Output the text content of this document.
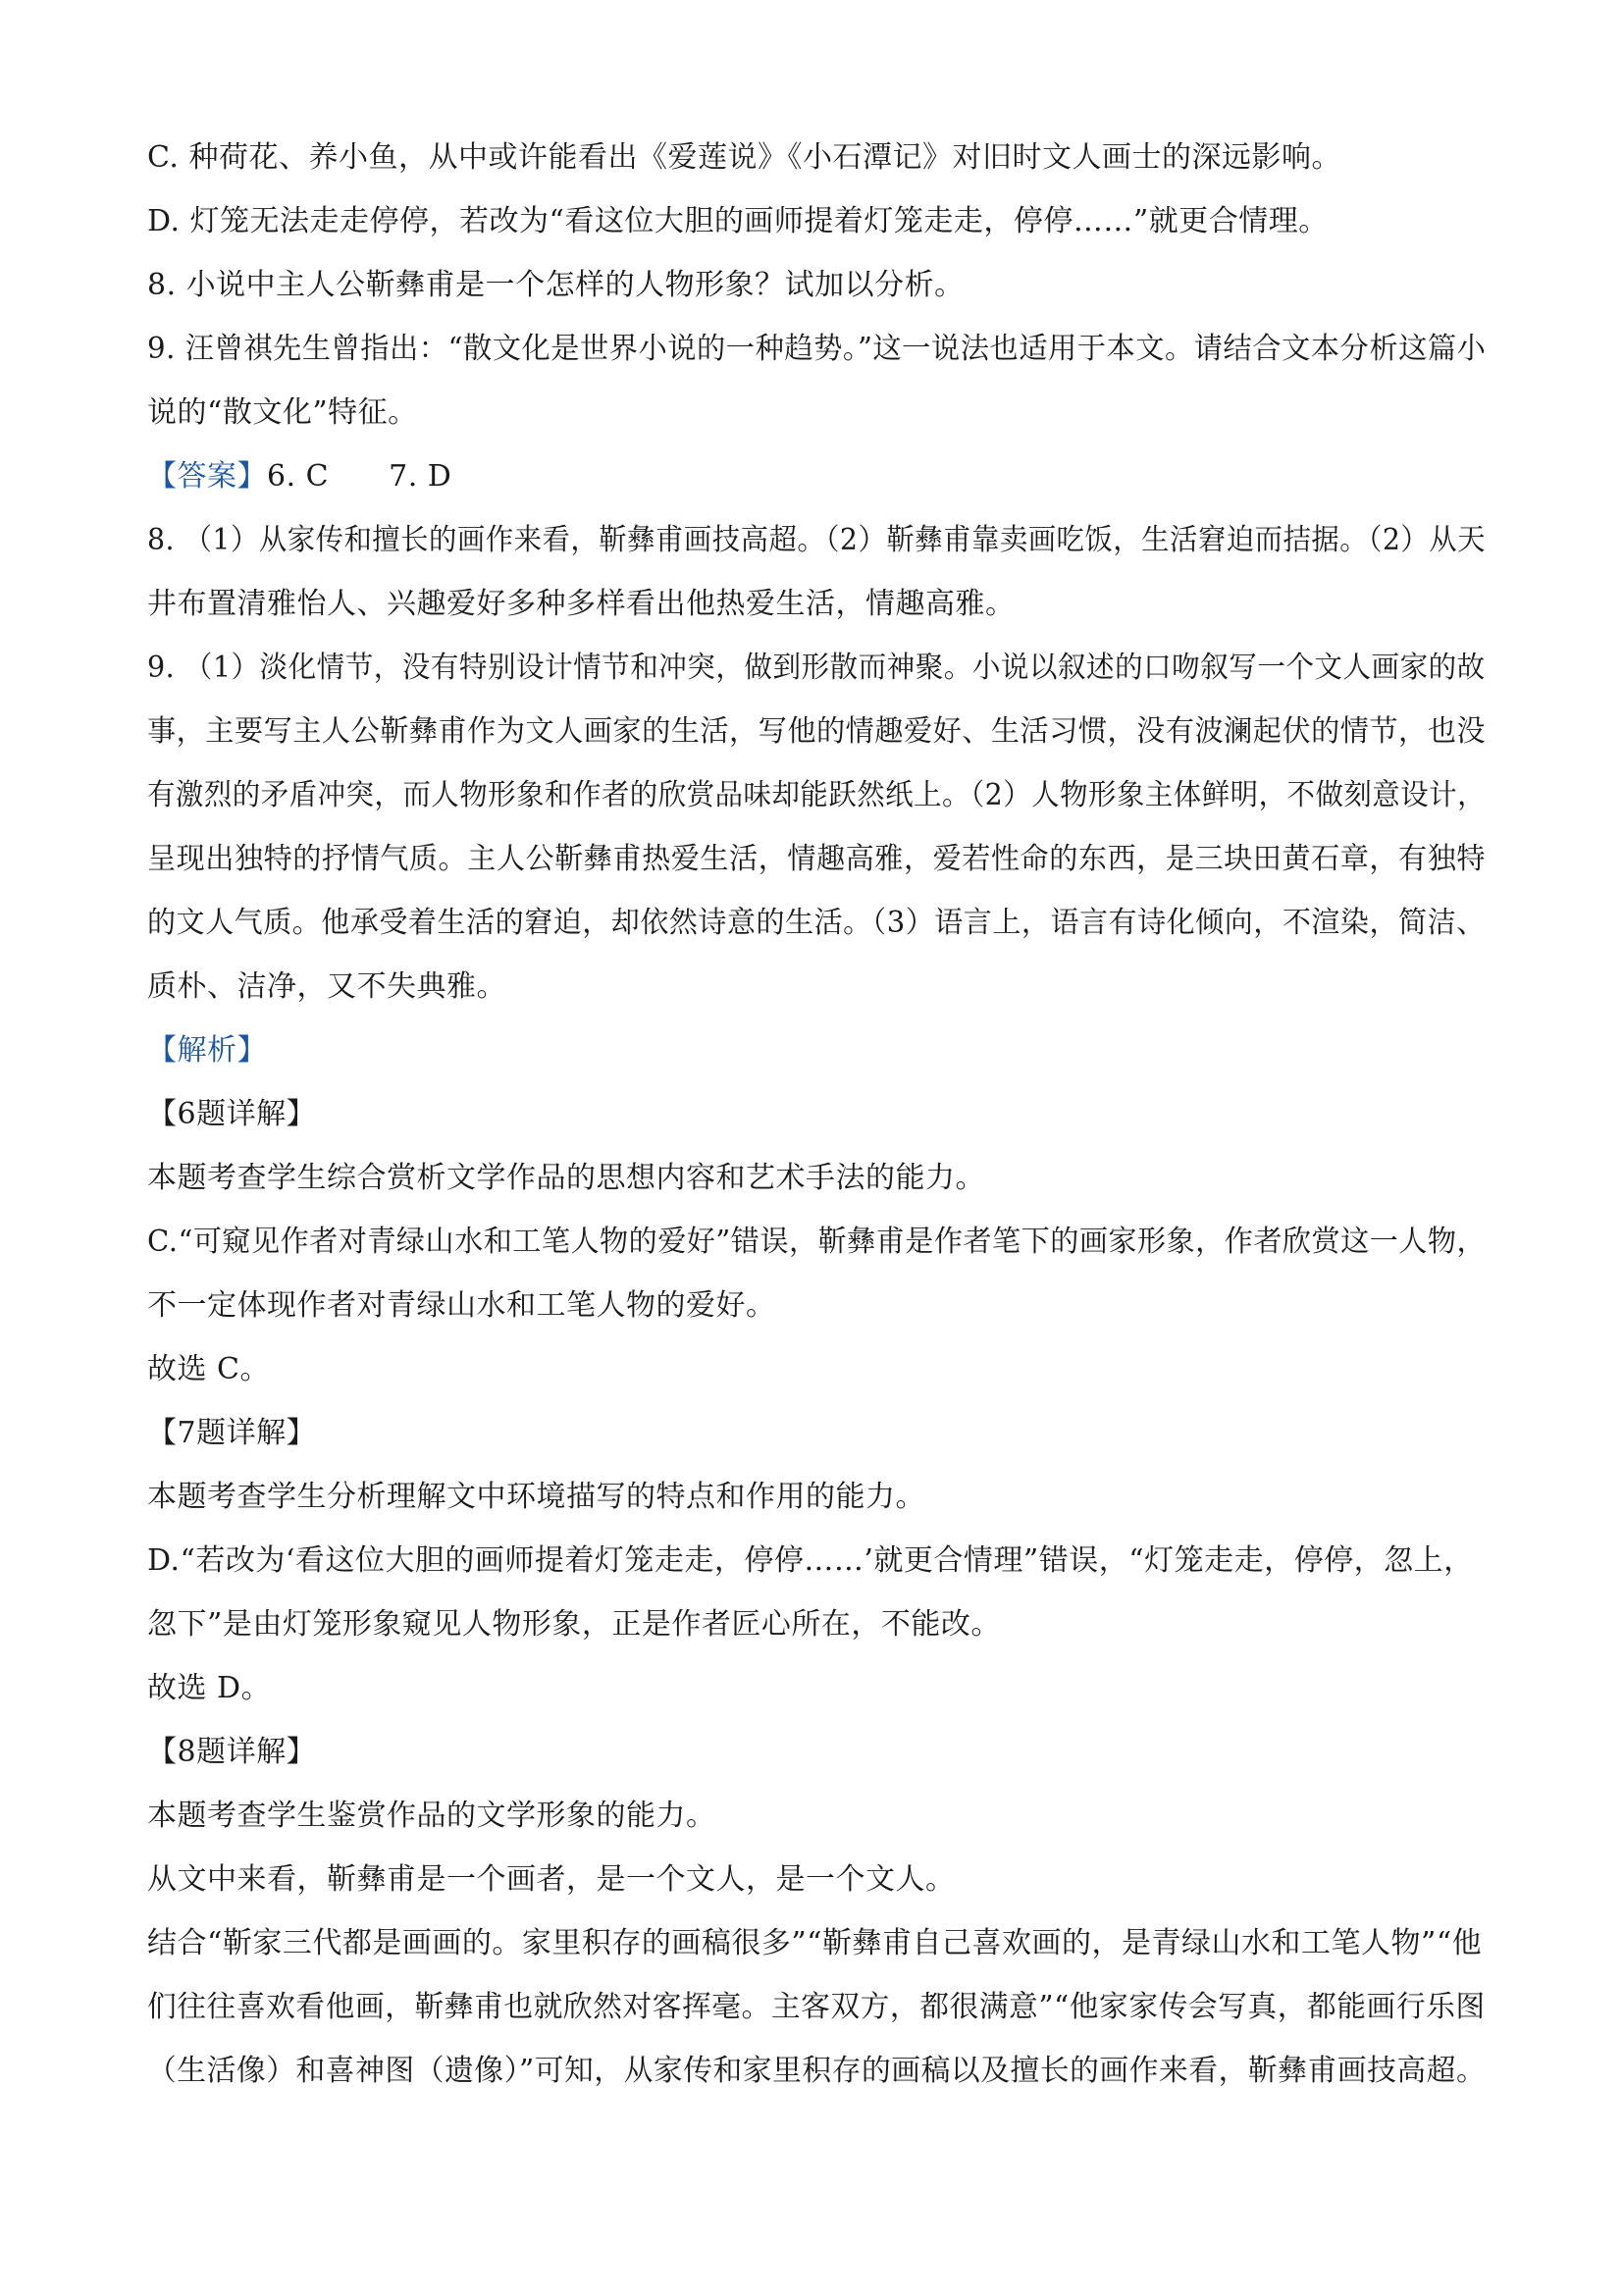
C. 种荷花、养小鱼，从中或许能看出《爱莲说》《小石潭记》对旧时文人画士的深远影响。
D. 灯笼无法走走停停，若改为“看这位大胆的画师提着灯笼走走，停停……”就更合情理。
8. 小说中主人公靳彝甫是一个怎样的人物形象？试加以分析。
9. 汪曾祺先生曾指出：“散文化是世界小说的一种趋势。”这一说法也适用于本文。请结合文本分析这篇小
说的“散文化”特征。
【答案】6. C　　7. D
8. （1）从家传和擅长的画作来看，靳彝甫画技高超。（2）靳彝甫靠卖画吃饭，生活窘迫而拮据。（2）从天
井布置清雅怡人、兴趣爱好多种多样看出他热爱生活，情趣高雅。
9. （1）淡化情节，没有特别设计情节和冲突，做到形散而神聚。小说以叙述的口吻叙写一个文人画家的故
事，主要写主人公靳彝甫作为文人画家的生活，写他的情趣爱好、生活习惯，没有波澜起伏的情节，也没
有激烈的矛盾冲突，而人物形象和作者的欣赏品味却能跃然纸上。（2）人物形象主体鲜明，不做刻意设计，
呈现出独特的抒情气质。主人公靳彝甫热爱生活，情趣高雅，爱若性命的东西，是三块田黄石章，有独特
的文人气质。他承受着生活的窘迫，却依然诗意的生活。（3）语言上，语言有诗化倾向，不渲染，简洁、
质朴、洁净，又不失典雅。
【解析】
【6题详解】
本题考查学生综合赏析文学作品的思想内容和艺术手法的能力。
C.“可窥见作者对青绿山水和工笔人物的爱好”错误，靳彝甫是作者笔下的画家形象，作者欣赏这一人物，
不一定体现作者对青绿山水和工笔人物的爱好。
故选 C。
【7题详解】
本题考查学生分析理解文中环境描写的特点和作用的能力。
D.“若改为‘看这位大胆的画师提着灯笼走走，停停……’就更合情理”错误，“灯笼走走，停停，忽上，
忽下”是由灯笼形象窥见人物形象，正是作者匠心所在，不能改。
故选 D。
【8题详解】
本题考查学生鉴赏作品的文学形象的能力。
从文中来看，靳彝甫是一个画者，是一个文人，是一个文人。
结合“靳家三代都是画画的。家里积存的画稿很多”“靳彝甫自己喜欢画的，是青绿山水和工笔人物”“他
们往往喜欢看他画，靳彝甫也就欣然对客挥毫。主客双方，都很满意”“他家家传会写真，都能画行乐图
（生活像）和喜神图（遗像）”可知，从家传和家里积存的画稿以及擅长的画作来看，靳彝甫画技高超。
